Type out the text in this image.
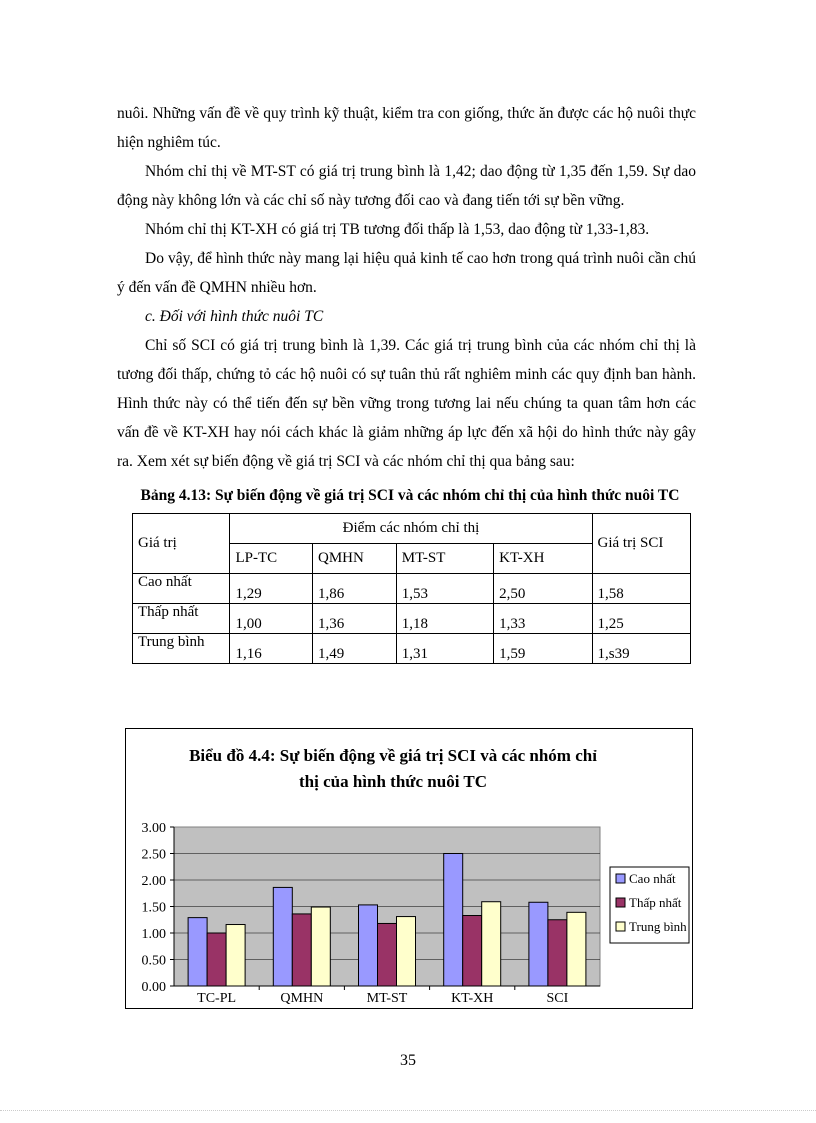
nuôi. Những vấn đề về quy trình kỹ thuật, kiểm tra con giống, thức ăn được các hộ nuôi thực hiện nghiêm túc.

Nhóm chỉ thị về MT-ST có giá trị trung bình là 1,42; dao động từ 1,35 đến 1,59. Sự dao động này không lớn và các chỉ số này tương đối cao và đang tiến tới sự bền vững.

Nhóm chỉ thị KT-XH có giá trị TB tương đối thấp là 1,53, dao động từ 1,33-1,83.

Do vậy, để hình thức này mang lại hiệu quả kinh tế cao hơn trong quá trình nuôi cần chú ý đến vấn đề QMHN nhiều hơn.

c. Đối với hình thức nuôi TC

Chỉ số SCI có giá trị trung bình là 1,39. Các giá trị trung bình của các nhóm chỉ thị là tương đối thấp, chứng tỏ các hộ nuôi có sự tuân thủ rất nghiêm minh các quy định ban hành. Hình thức này có thể tiến đến sự bền vững trong tương lai nếu chúng ta quan tâm hơn các vấn đề về KT-XH hay nói cách khác là giảm những áp lực đến xã hội do hình thức này gây ra. Xem xét sự biến động về giá trị SCI và các nhóm chỉ thị qua bảng sau:

Bảng 4.13: Sự biến động về giá trị SCI và các nhóm chỉ thị của hình thức nuôi TC
Giá trị	Điểm các nhóm chỉ thị				Giá trị SCI
	LP-TC	QMHN	MT-ST	KT-XH	
Cao nhất	1,29	1,86	1,53	2,50	1,58
Thấp nhất	1,00	1,36	1,18	1,33	1,25
Trung bình	1,16	1,49	1,31	1,59	1,s39
Biểu đồ 4.4: Sự biến động về giá trị SCI và các nhóm chỉ
thị của hình thức nuôi TC
0.00
0.50
1.00
1.50
2.00
2.50
3.00
TC-PL	QMHN	MT-ST	KT-XH	SCI
Cao nhất
Thấp nhất
Trung bình
35
